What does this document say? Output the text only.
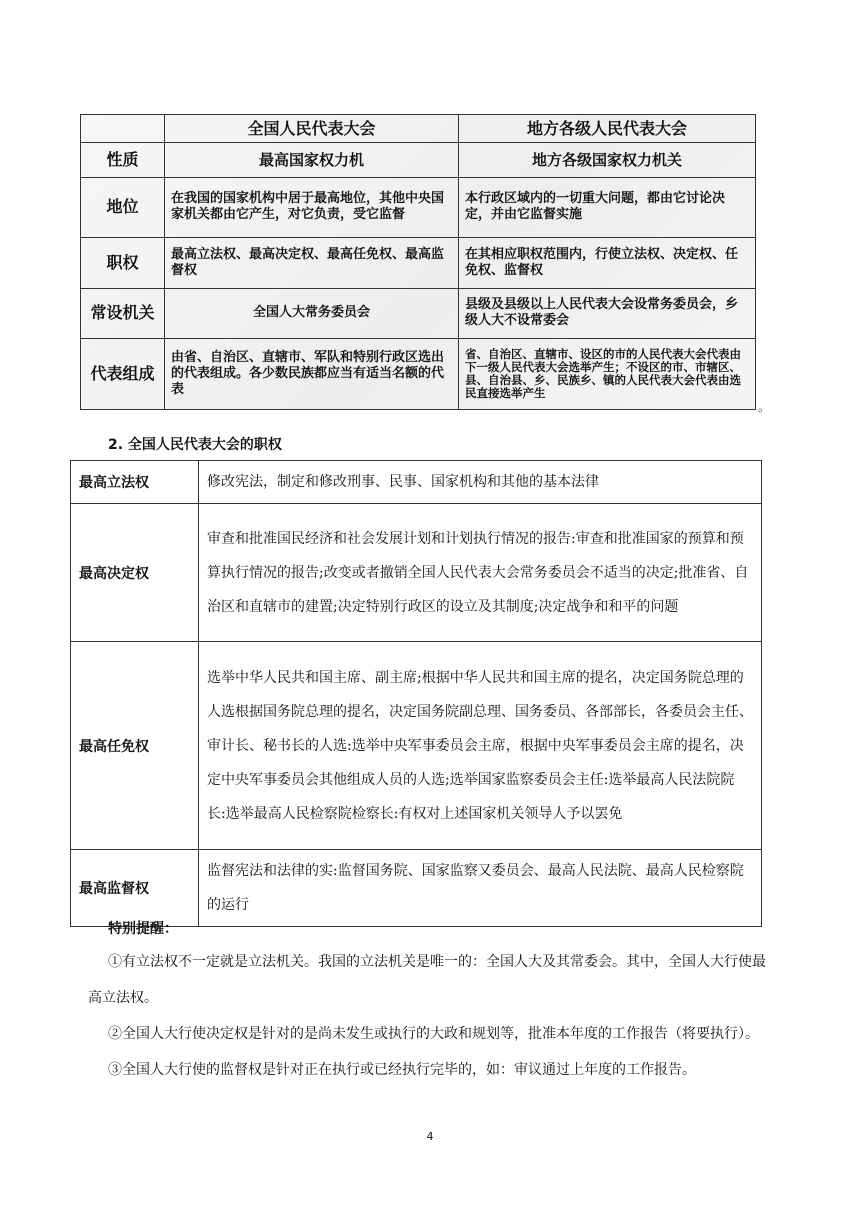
	全国人民代表大会	地方各级人民代表大会
性质	最高国家权力机	地方各级国家权力机关
地位	在我国的国家机构中居于最高地位，其他中央国家机关都由它产生，对它负责，受它监督	本行政区域内的一切重大问题，都由它讨论决定，并由它监督实施
职权	最高立法权、最高决定权、最高任免权、最高监督权	在其相应职权范围内，行使立法权、决定权、任免权、监督权
常设机关	全国人大常务委员会	县级及县级以上人民代表大会设常务委员会，乡级人大不设常委会
代表组成	由省、自治区、直辖市、军队和特别行政区选出的代表组成。各少数民族都应当有适当名额的代表	省、自治区、直辖市、设区的市的人民代表大会代表由下一级人民代表大会选举产生；不设区的市、市辖区、县、自治县、乡、民族乡、镇的人民代表大会代表由选民直接选举产生
。
2. 全国人民代表大会的职权
最高立法权	修改宪法，制定和修改刑事、民事、国家机构和其他的基本法律
最高决定权	审查和批准国民经济和社会发展计划和计划执行情况的报告:审查和批准国家的预算和预算执行情况的报告;改变或者撤销全国人民代表大会常务委员会不适当的决定;批准省、自治区和直辖市的建置;决定特别行政区的设立及其制度;决定战争和和平的问题
最高任免权	选举中华人民共和国主席、副主席;根据中华人民共和国主席的提名，决定国务院总理的人选根据国务院总理的提名，决定国务院副总理、国务委员、各部部长，各委员会主任、审计长、秘书长的人选:选举中央军事委员会主席，根据中央军事委员会主席的提名，决定中央军事委员会其他组成人员的人选;选举国家监察委员会主任:选举最高人民法院院长:选举最高人民检察院检察长:有权对上述国家机关领导人予以罢免
最高监督权	监督宪法和法律的实:监督国务院、国家监察又委员会、最高人民法院、最高人民检察院的运行
特别提醒：

①有立法权不一定就是立法机关。我国的立法机关是唯一的：全国人大及其常委会。其中，全国人大行使最高立法权。

②全国人大行使决定权是针对的是尚未发生或执行的大政和规划等，批准本年度的工作报告（将要执行）。

③全国人大行使的监督权是针对正在执行或已经执行完毕的，如：审议通过上年度的工作报告。

4
